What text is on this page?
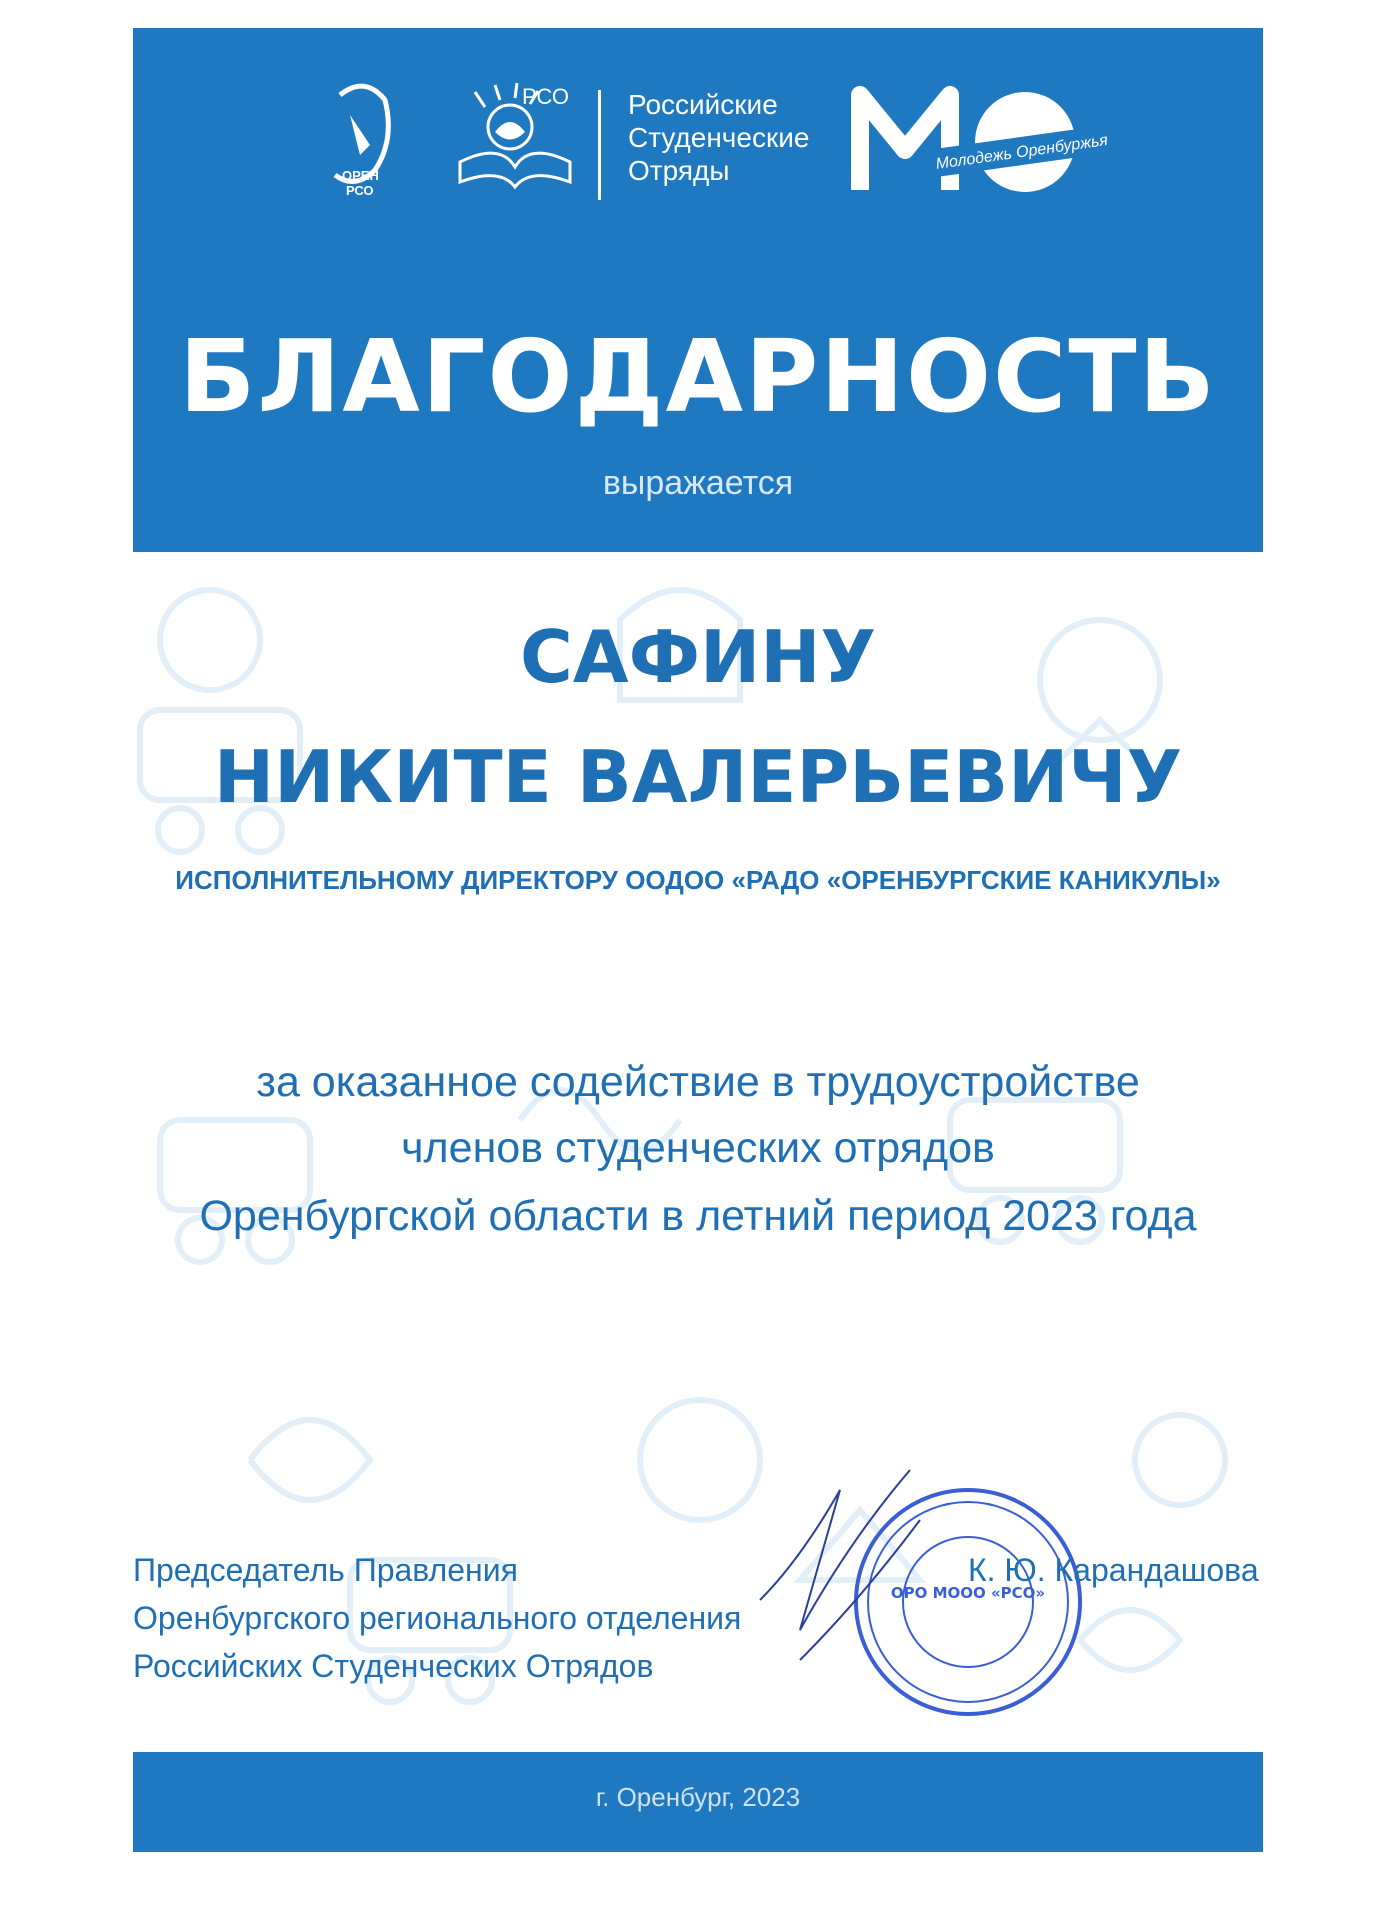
ОРЕН
РСО
РСО Российские
Студенческие
Отряды	Молодежь Оренбуржья
БЛАГОДАРНОСТЬ
выражается
САФИНУ
НИКИТЕ ВАЛЕРЬЕВИЧУ
ИСПОЛНИТЕЛЬНОМУ ДИРЕКТОРУ ООДОО «РАДО «ОРЕНБУРГСКИЕ КАНИКУЛЫ»
за оказанное содействие в трудоустройстве
членов студенческих отрядов
Оренбургской области в летний период 2023 года
Председатель Правления
Оренбургского регионального отделения
Российских Студенческих Отрядов
ОРО МООО «РСО»
К. Ю. Карандашова
г. Оренбург, 2023
